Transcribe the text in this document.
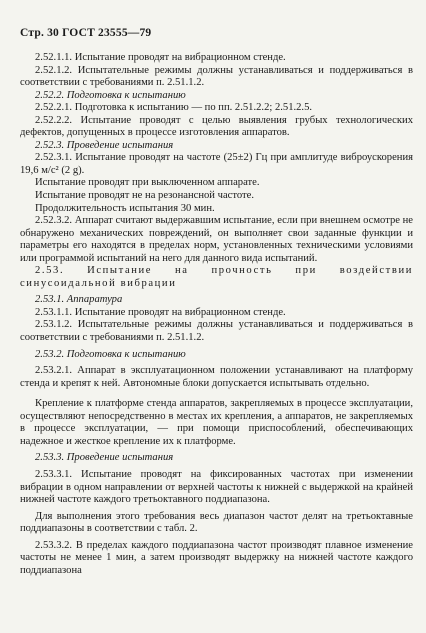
Стр. 30 ГОСТ 23555—79

2.52.1.1. Испытание проводят на вибрационном стенде.

2.52.1.2. Испытательные режимы должны устанавливаться и поддерживаться в соответствии с требованиями п. 2.51.1.2.

2.52.2. Подготовка к испытанию

2.52.2.1. Подготовка к испытанию — по пп. 2.51.2.2; 2.51.2.5.

2.52.2.2. Испытание проводят с целью выявления грубых технологических дефектов, допущенных в процессе изготовления аппаратов.

2.52.3. Проведение испытания

2.52.3.1. Испытание проводят на частоте (25±2) Гц при амплитуде виброускорения 19,6 м/с² (2 g).

Испытание проводят при выключенном аппарате.

Испытание проводят не на резонансной частоте.

Продолжительность испытания 30 мин.

2.52.3.2. Аппарат считают выдержавшим испытание, если при внешнем осмотре не обнаружено механических повреждений, он выполняет свои заданные функции и параметры его находятся в пределах норм, установленных техническими условиями или программой испытаний на него для данного вида испытаний.

2.53. Испытание на прочность при воздействии синусоидальной вибрации

2.53.1. Аппаратура

2.53.1.1. Испытание проводят на вибрационном стенде.

2.53.1.2. Испытательные режимы должны устанавливаться и поддерживаться в соответствии с требованиями п. 2.51.1.2.

2.53.2. Подготовка к испытанию

2.53.2.1. Аппарат в эксплуатационном положении устанавливают на платформу стенда и крепят к ней. Автономные блоки допускается испытывать отдельно.

Крепление к платформе стенда аппаратов, закрепляемых в процессе эксплуатации, осуществляют непосредственно в местах их крепления, а аппаратов, не закрепляемых в процессе эксплуатации, — при помощи приспособлений, обеспечивающих надежное и жесткое крепление их к платформе.

2.53.3. Проведение испытания

2.53.3.1. Испытание проводят на фиксированных частотах при изменении вибрации в одном направлении от верхней частоты к нижней с выдержкой на крайней нижней частоте каждого третьоктавного поддиапазона.

Для выполнения этого требования весь диапазон частот делят на третьоктавные поддиапазоны в соответствии с табл. 2.

2.53.3.2. В пределах каждого поддиапазона частот производят плавное изменение частоты не менее 1 мин, а затем производят выдержку на нижней частоте каждого поддиапазона
